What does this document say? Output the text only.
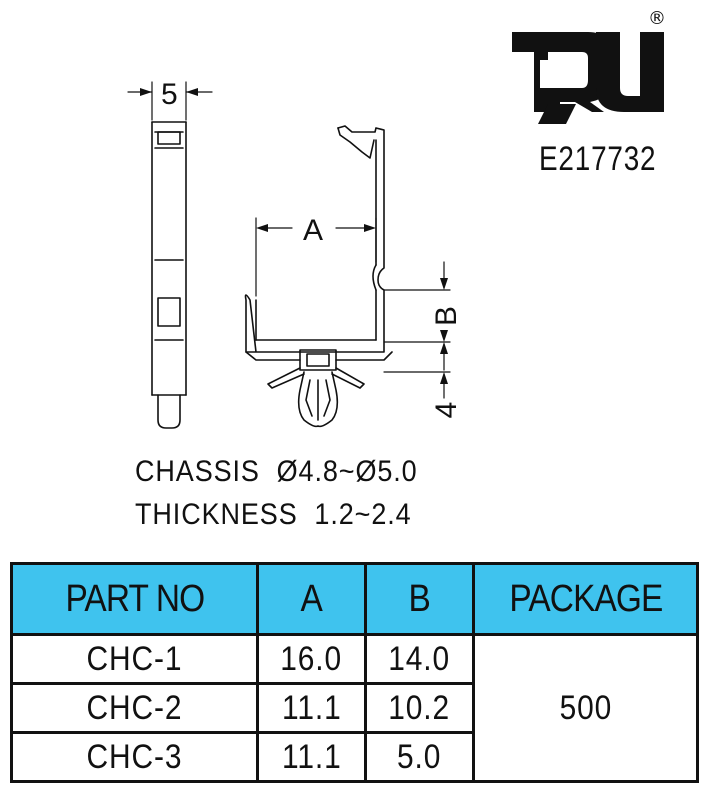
5
A
B
4
®
E217732
CHASSIS  Ø4.8~Ø5.0
THICKNESS  1.2~2.4
PART NO	A	B	PACKAGE
CHC-1	16.0	14.0	500
CHC-2	11.1	10.2	
CHC-3	11.1	5.0	
